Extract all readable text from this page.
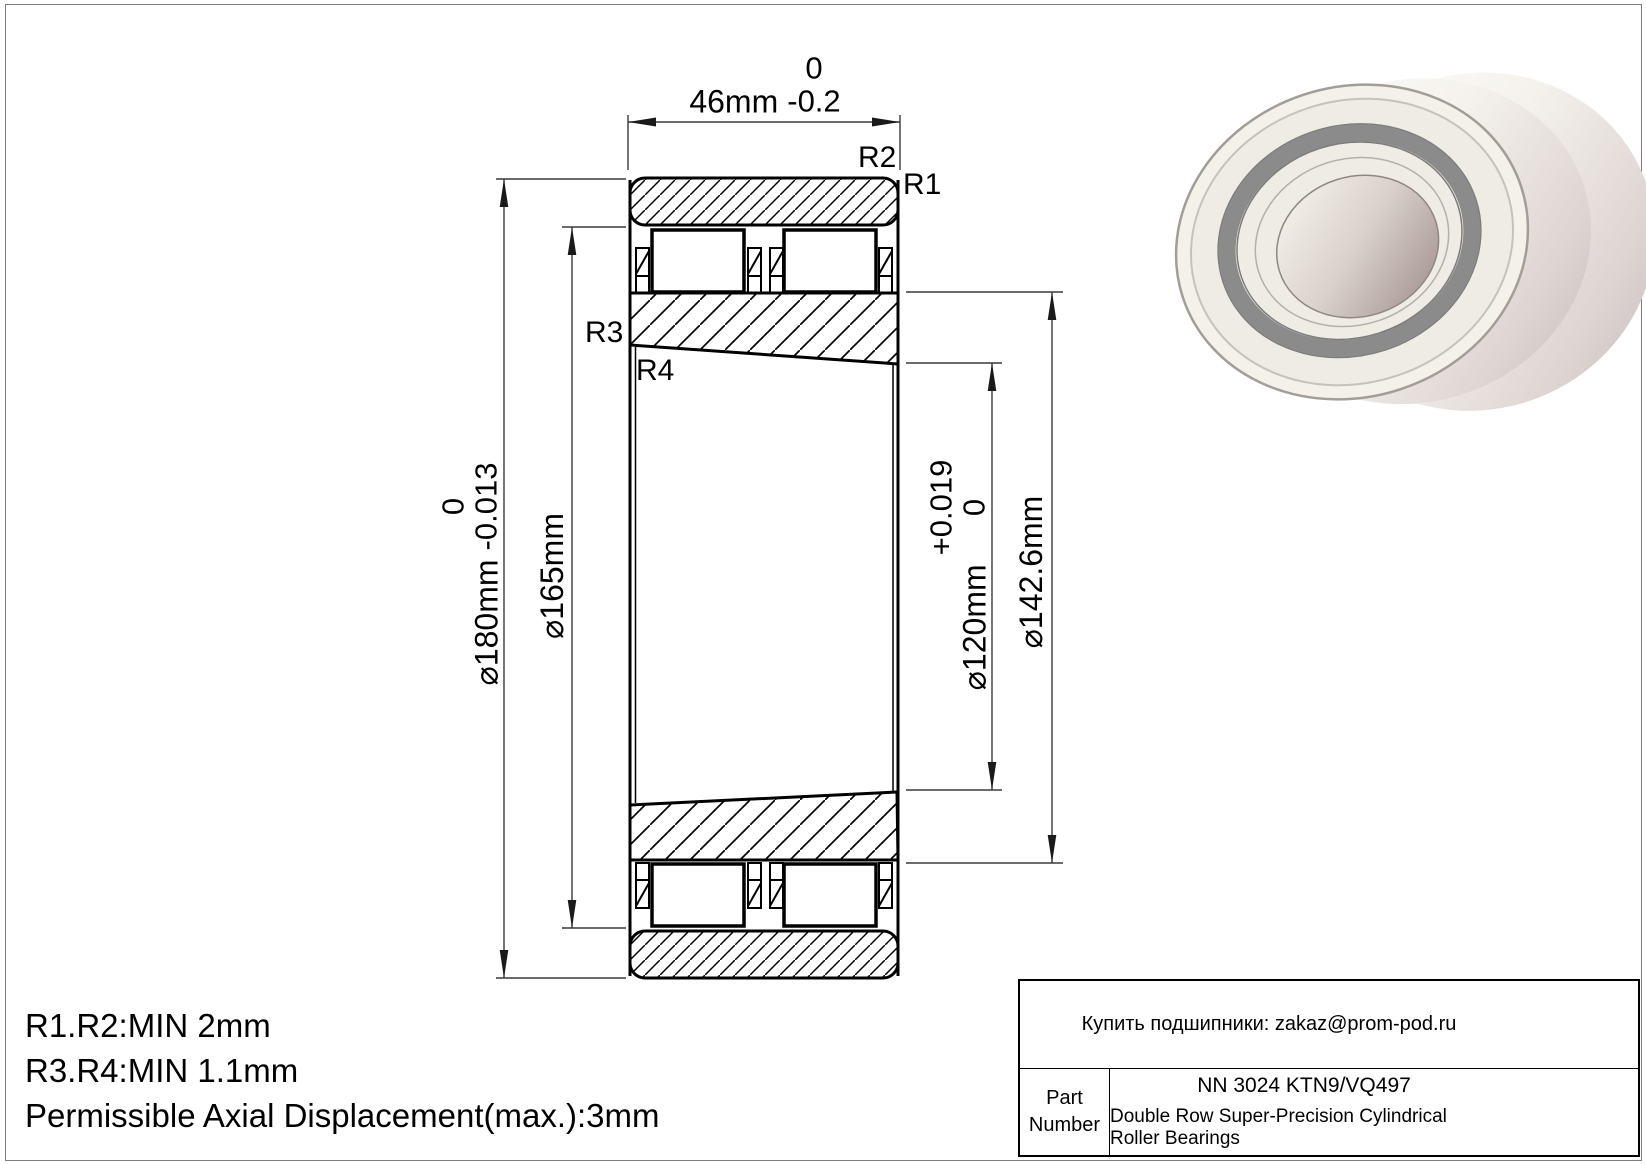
46mm
0
-0.2
⌀180mm
0
-0.013
⌀165mm	⌀120mm
+0.019
0 ⌀142.6mm
R2
R1
R3
R4
R1.R2:MIN 2mm
R3.R4:MIN 1.1mm
Permissible Axial Displacement(max.):3mm
Купить подшипники: zakaz@prom-pod.ru
Part Number
NN 3024 KTN9/VQ497
Double Row Super-Precision Cylindrical Roller Bearings
